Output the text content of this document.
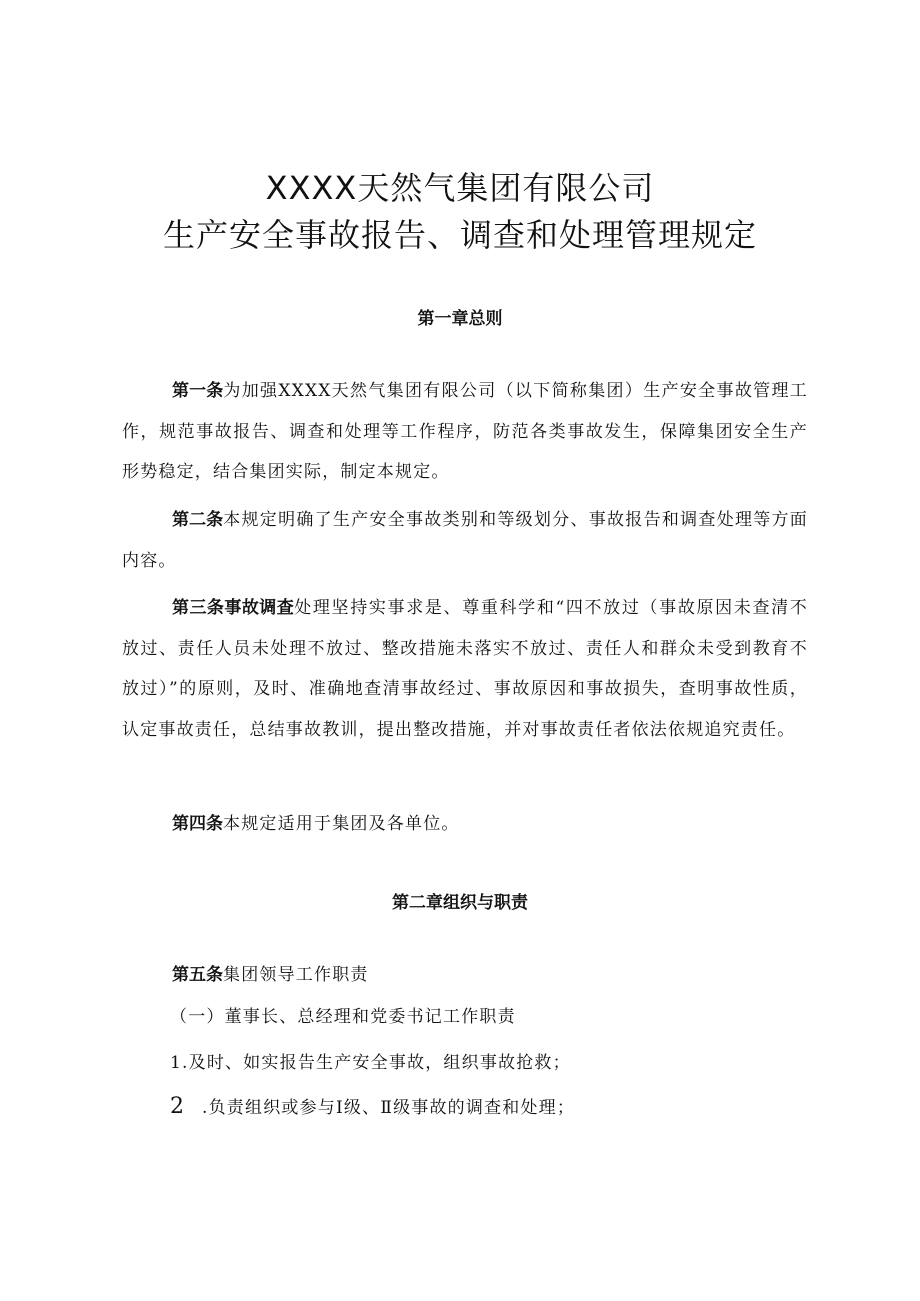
XXXX天然气集团有限公司
生产安全事故报告、调查和处理管理规定
第一章总则

第一条为加强XXXX天然气集团有限公司（以下简称集团）生产安全事故管理工作，规范事故报告、调查和处理等工作程序，防范各类事故发生，保障集团安全生产形势稳定，结合集团实际，制定本规定。

第二条本规定明确了生产安全事故类别和等级划分、事故报告和调查处理等方面内容。

第三条事故调查处理坚持实事求是、尊重科学和“四不放过（事故原因未查清不放过、责任人员未处理不放过、整改措施未落实不放过、责任人和群众未受到教育不放过）”的原则，及时、准确地查清事故经过、事故原因和事故损失，查明事故性质，认定事故责任，总结事故教训，提出整改措施，并对事故责任者依法依规追究责任。

第四条本规定适用于集团及各单位。

第二章组织与职责

第五条集团领导工作职责

（一）董事长、总经理和党委书记工作职责

1.及时、如实报告生产安全事故，组织事故抢救；

2 .负责组织或参与Ⅰ级、Ⅱ级事故的调查和处理；
